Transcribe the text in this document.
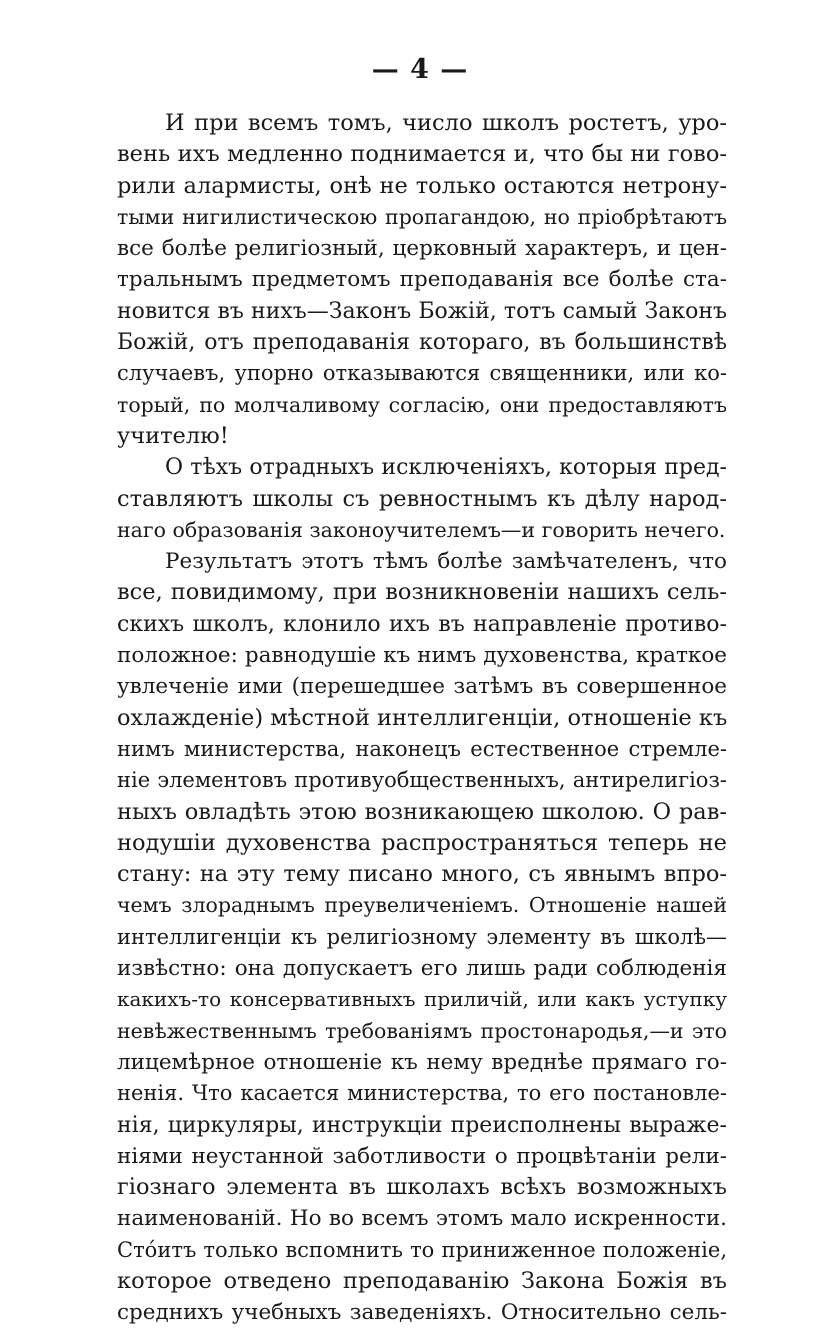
— 4 —
И при всемъ томъ, число школъ ростетъ, уро-
вень ихъ медленно поднимается и, что бы ни гово-
рили алармисты, онѣ не только остаются нетрону-
тыми нигилистическою пропагандою, но пріобрѣтаютъ
все болѣе религіозный, церковный характеръ, и цен-
тральнымъ предметомъ преподаванія все болѣе ста-
новится въ нихъ—Законъ Божій, тотъ самый Законъ
Божій, отъ преподаванія котораго, въ большинствѣ
случаевъ, упорно отказываются священники, или ко-
торый, по молчаливому согласію, они предоставляютъ
учителю!
О тѣхъ отрадныхъ исключеніяхъ, которыя пред-
ставляютъ школы съ ревностнымъ къ дѣлу народ-
наго образованія законоучителемъ—и говорить нечего.
Результатъ этотъ тѣмъ болѣе замѣчателенъ, что
все, повидимому, при возникновеніи нашихъ сель-
скихъ школъ, клонило ихъ въ направленіе противо-
положное: равнодушіе къ нимъ духовенства, краткое
увлеченіе ими (перешедшее затѣмъ въ совершенное
охлажденіе) мѣстной интеллигенціи, отношеніе къ
нимъ министерства, наконецъ естественное стремле-
ніе элементовъ противуобщественныхъ, антирелигіоз-
ныхъ овладѣть этою возникающею школою. О рав-
нодушіи духовенства распространяться теперь не
стану: на эту тему писано много, съ явнымъ впро-
чемъ злораднымъ преувеличеніемъ. Отношеніе нашей
интеллигенціи къ религіозному элементу въ школѣ—
извѣстно: она допускаетъ его лишь ради соблюденія
какихъ-то консервативныхъ приличій, или какъ уступку
невѣжественнымъ требованіямъ простонародья,—и это
лицемѣрное отношеніе къ нему вреднѣе прямаго го-
ненія. Что касается министерства, то его постановле-
нія, циркуляры, инструкціи преисполнены выраже-
ніями неустанной заботливости о процвѣтаніи рели-
гіознаго элемента въ школахъ всѣхъ возможныхъ
наименованій. Но во всемъ этомъ мало искренности.
Стóитъ только вспомнить то приниженное положеніе,
которое отведено преподаванію Закона Божія въ
среднихъ учебныхъ заведеніяхъ. Относительно сель-
